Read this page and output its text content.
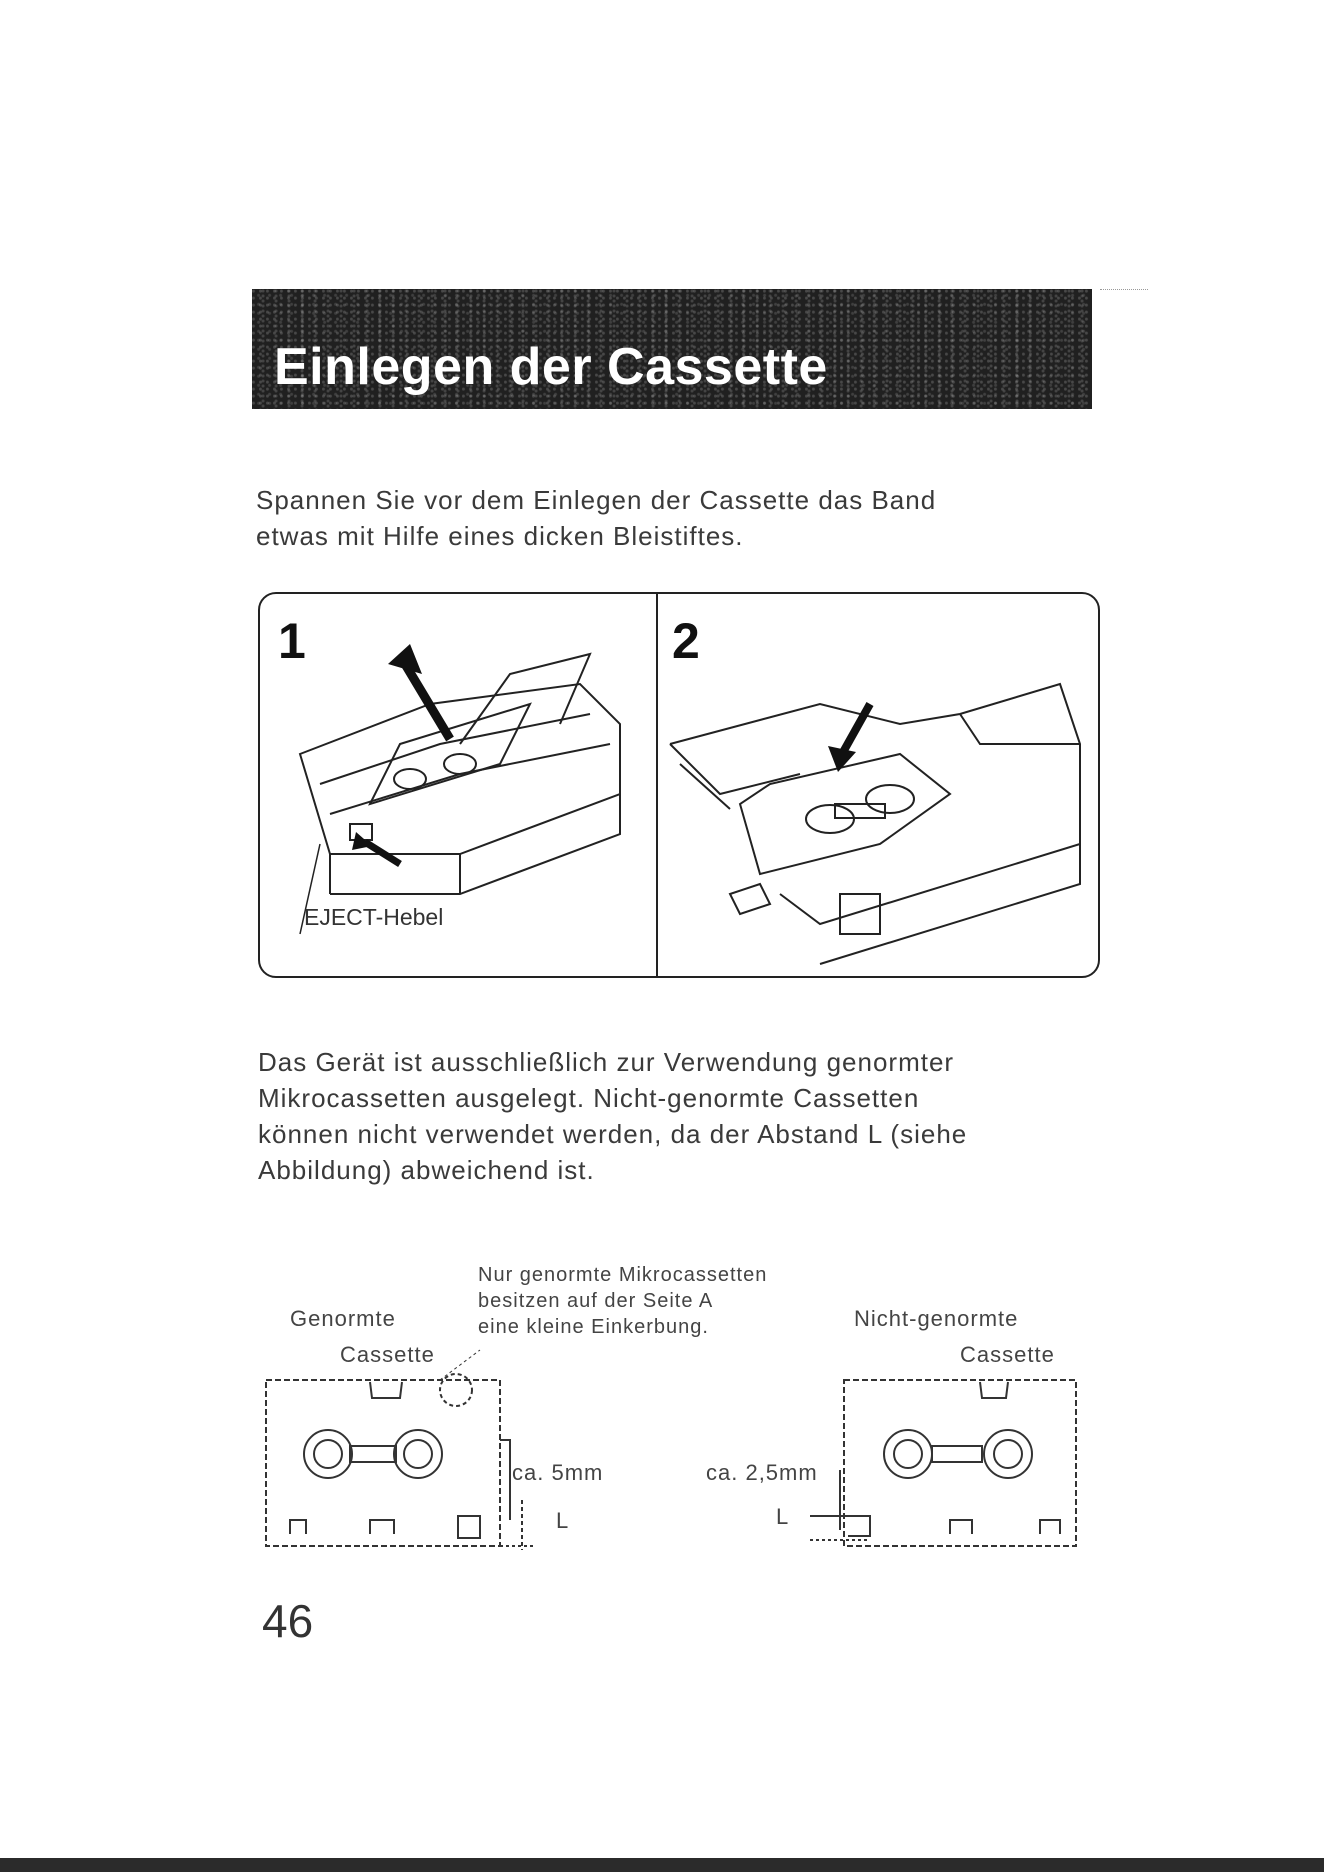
Einlegen der Cassette
Spannen Sie vor dem Einlegen der Cassette das Band
etwas mit Hilfe eines dicken Bleistiftes.
1	2
EJECT-Hebel
Das Gerät ist ausschließlich zur Verwendung genormter
Mikrocassetten ausgelegt. Nicht-genormte Cassetten
können nicht verwendet werden, da der Abstand L (siehe
Abbildung) abweichend ist.
Nur genormte Mikrocassetten
besitzen auf der Seite A
eine kleine Einkerbung.
Genormte
Cassette
Nicht-genormte
Cassette
ca. 5mm	ca. 2,5mm
L	L
46
